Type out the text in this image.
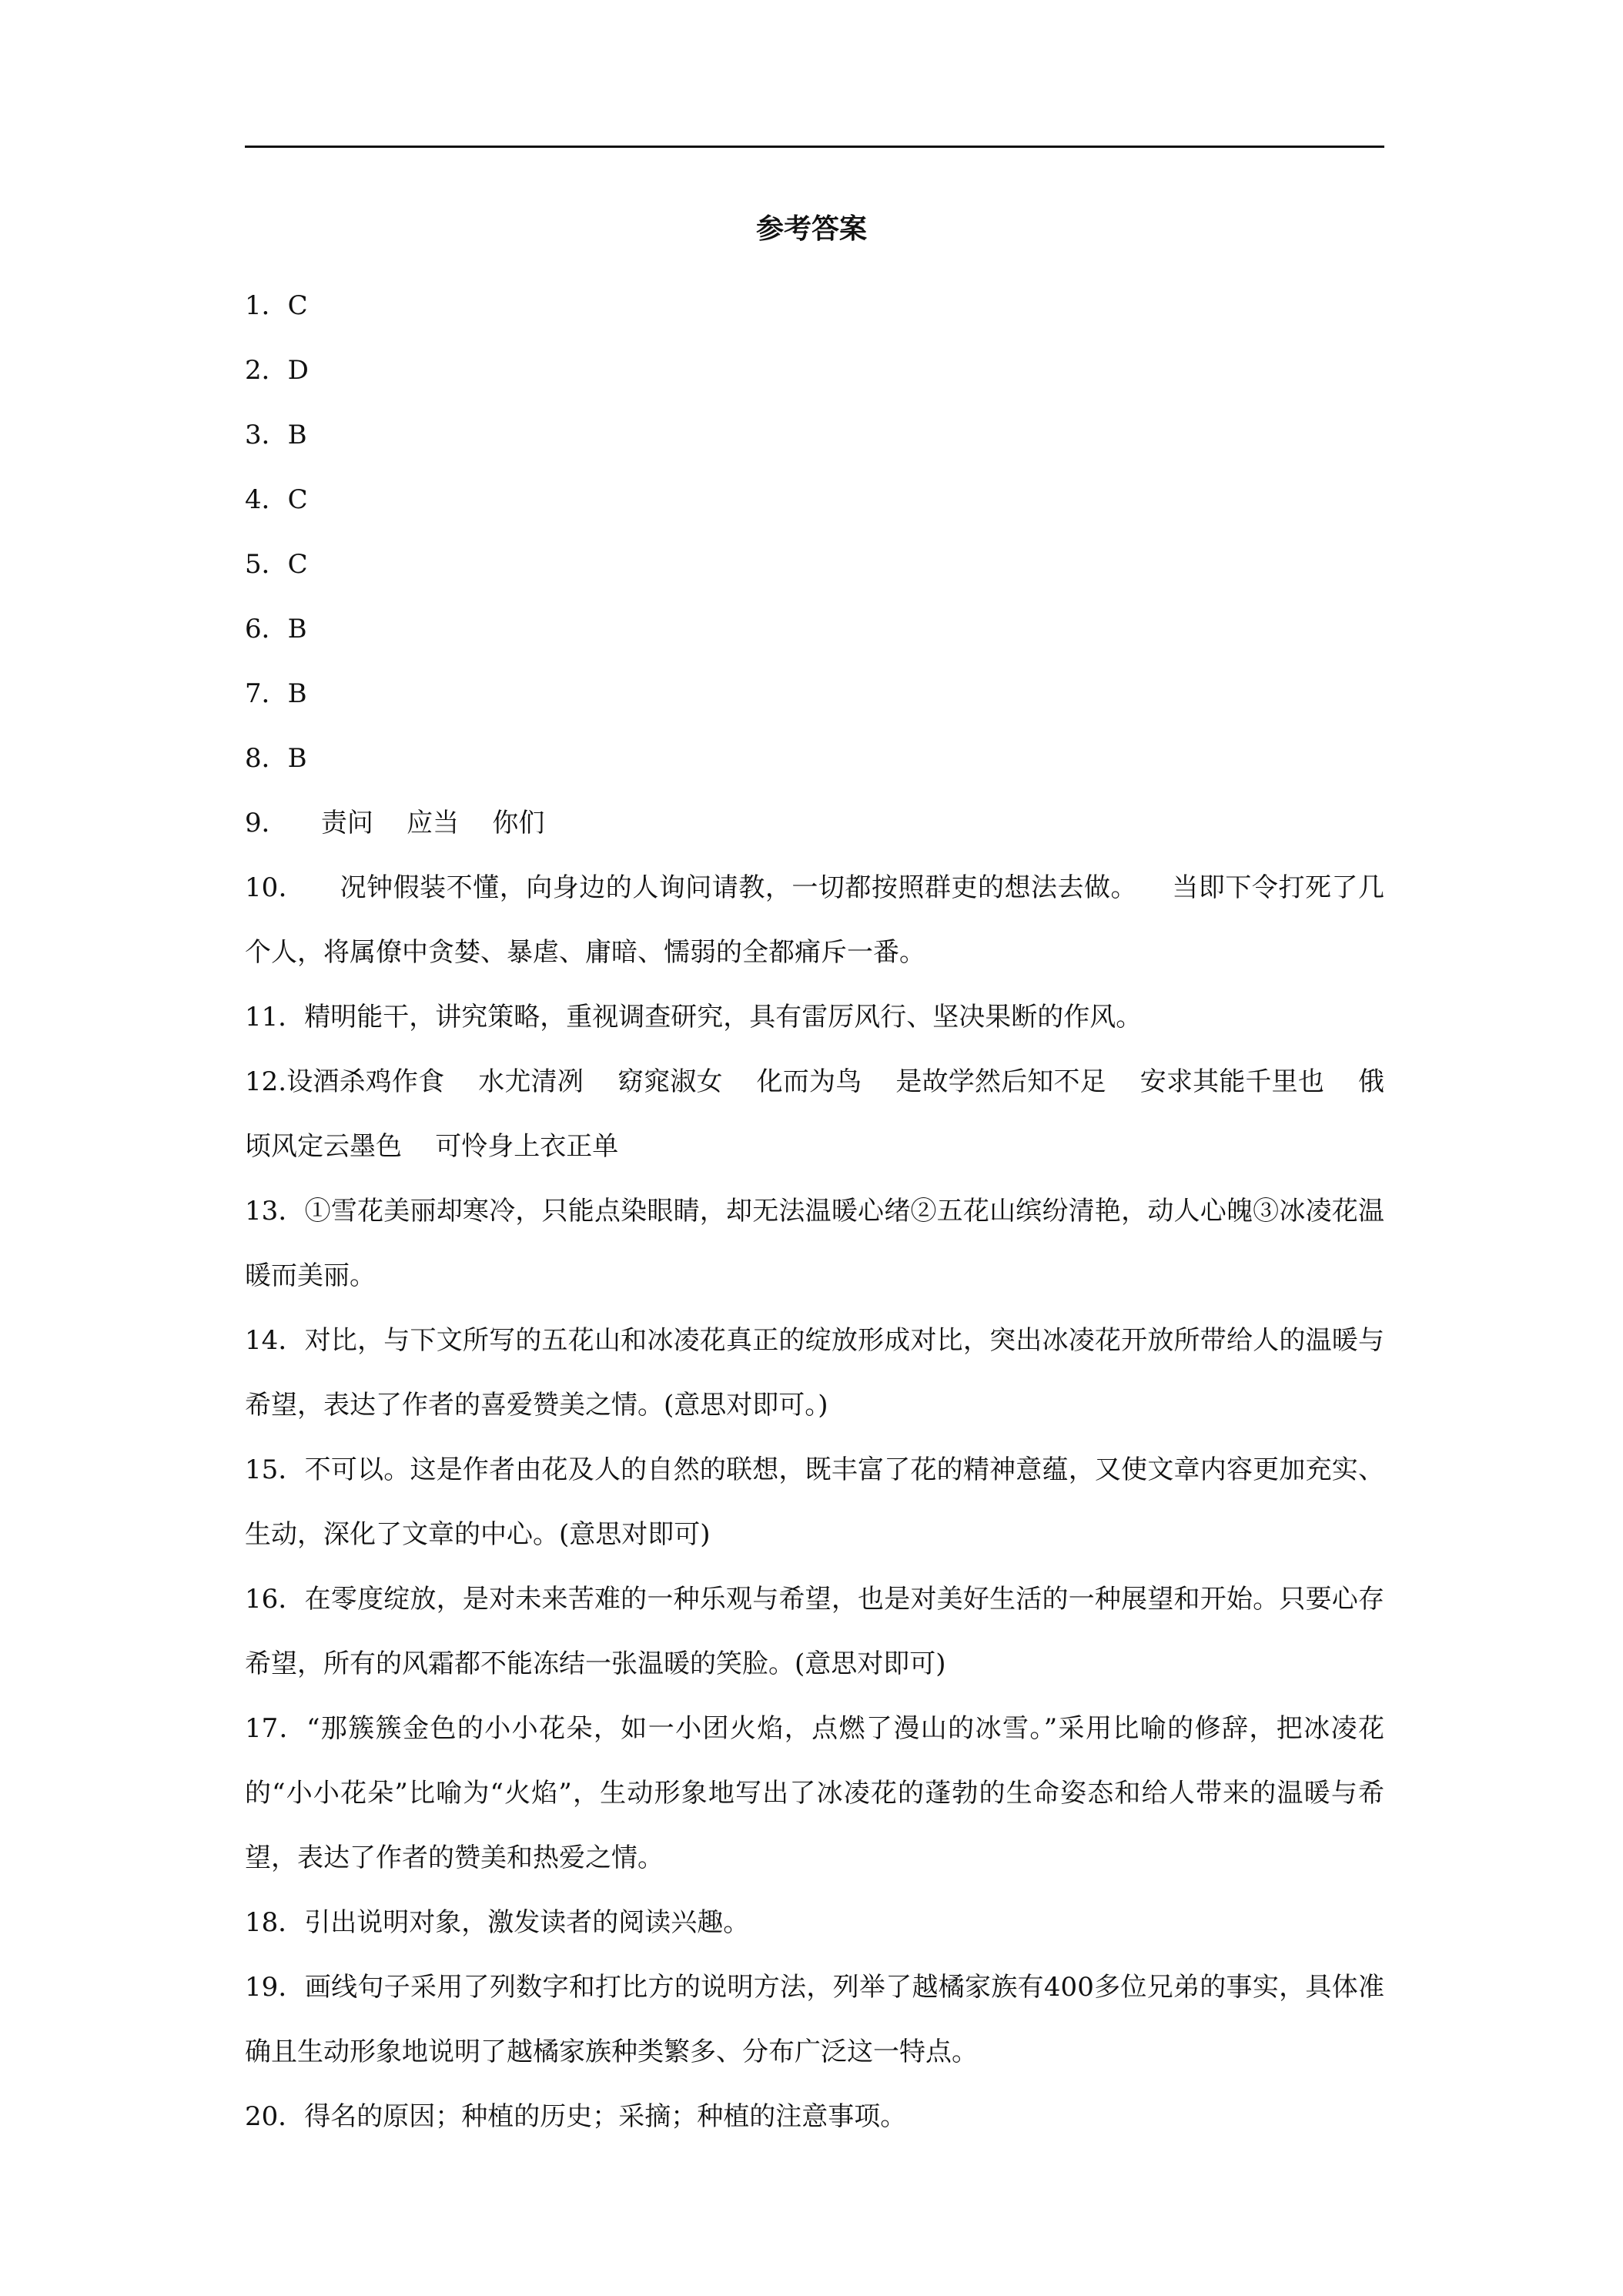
参考答案

1．C

2．D

3．B

4．C

5．C

6．B

7．B

8．B

9．    责问    应当    你们

10．    况钟假装不懂，向身边的人询问请教，一切都按照群吏的想法去做。    当即下令打死了几个人，将属僚中贪婪、暴虐、庸暗、懦弱的全都痛斥一番。

11．精明能干，讲究策略，重视调查研究，具有雷厉风行、坚决果断的作风。

12.设酒杀鸡作食    水尤清冽    窈窕淑女    化而为鸟    是故学然后知不足    安求其能千里也    俄顷风定云墨色    可怜身上衣正单

13．①雪花美丽却寒冷，只能点染眼睛，却无法温暖心绪②五花山缤纷清艳，动人心魄③冰凌花温暖而美丽。

14．对比，与下文所写的五花山和冰凌花真正的绽放形成对比，突出冰凌花开放所带给人的温暖与希望，表达了作者的喜爱赞美之情。(意思对即可。)

15．不可以。这是作者由花及人的自然的联想，既丰富了花的精神意蕴，又使文章内容更加充实、生动，深化了文章的中心。(意思对即可)

16．在零度绽放，是对未来苦难的一种乐观与希望，也是对美好生活的一种展望和开始。只要心存希望，所有的风霜都不能冻结一张温暖的笑脸。(意思对即可)

17．“那簇簇金色的小小花朵，如一小团火焰，点燃了漫山的冰雪。”采用比喻的修辞，把冰凌花的“小小花朵”比喻为“火焰”，生动形象地写出了冰凌花的蓬勃的生命姿态和给人带来的温暖与希望，表达了作者的赞美和热爱之情。

18．引出说明对象，激发读者的阅读兴趣。

19．画线句子采用了列数字和打比方的说明方法，列举了越橘家族有400多位兄弟的事实，具体准确且生动形象地说明了越橘家族种类繁多、分布广泛这一特点。

20．得名的原因；种植的历史；采摘；种植的注意事项。
